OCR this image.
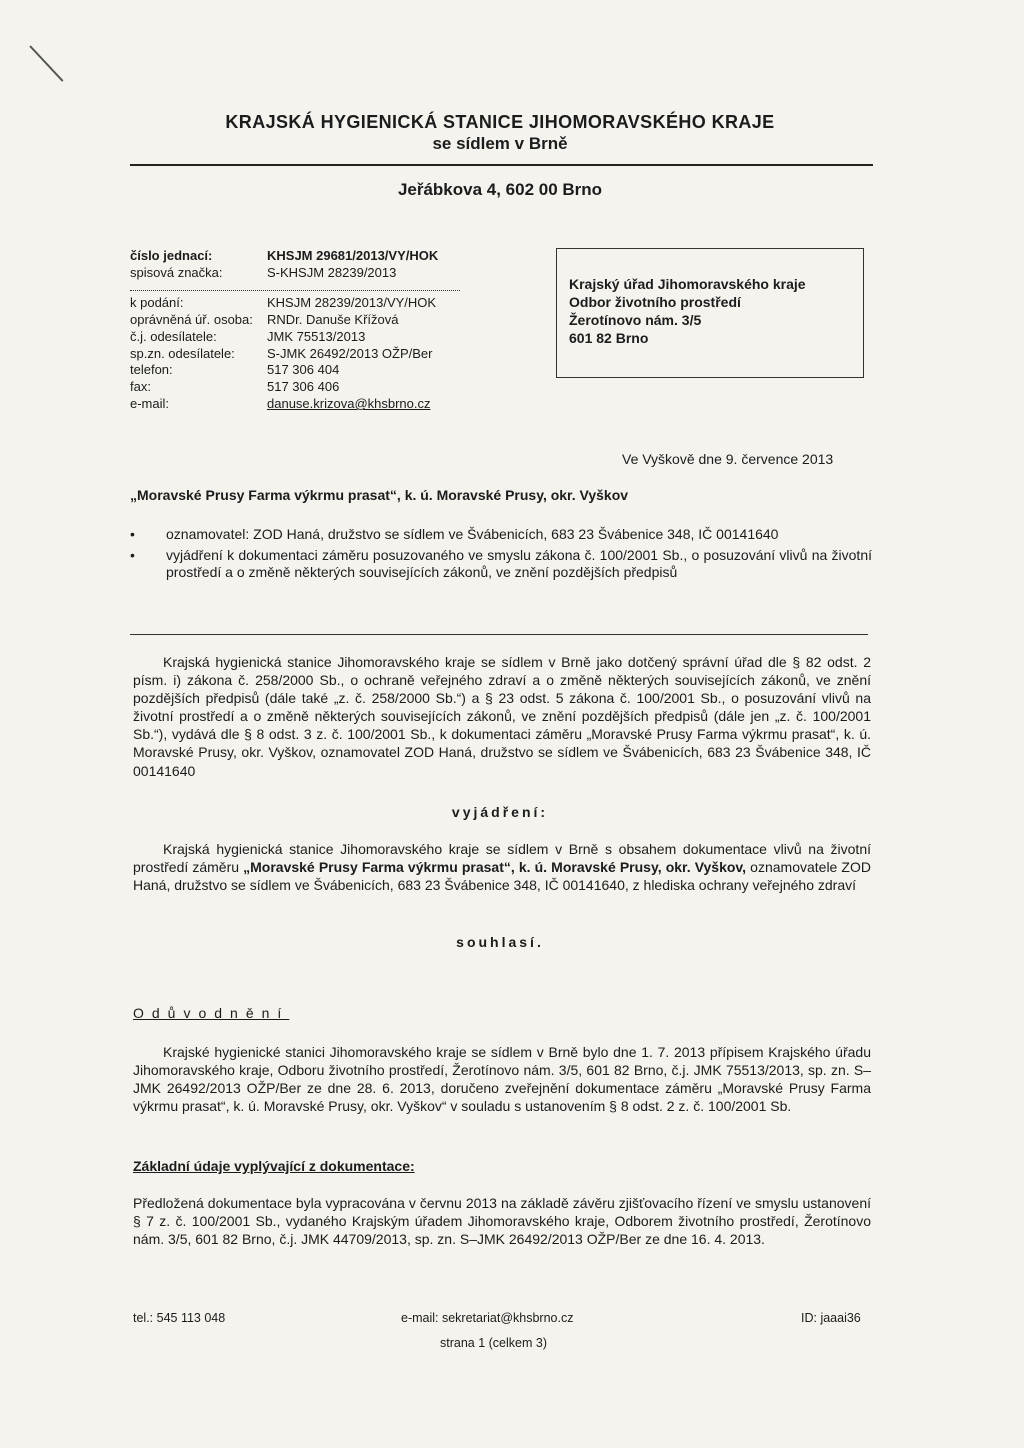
KRAJSKÁ HYGIENICKÁ STANICE JIHOMORAVSKÉHO KRAJE
se sídlem v Brně
Jeřábkova 4, 602 00 Brno
číslo jednací:	KHSJM 29681/2013/VY/HOK
spisová značka:	S-KHSJM 28239/2013
k podání:	KHSJM 28239/2013/VY/HOK
oprávněná úř. osoba:	RNDr. Danuše Křížová
č.j. odesílatele:	JMK 75513/2013
sp.zn. odesílatele:	S-JMK 26492/2013 OŽP/Ber
telefon:	517 306 404
fax:	517 306 406
e-mail:	danuse.krizova@khsbrno.cz
Krajský úřad Jihomoravského kraje
Odbor životního prostředí
Žerotínovo nám. 3/5
601 82 Brno
Ve Vyškově dne 9. července 2013
„Moravské Prusy Farma výkrmu prasat“, k. ú. Moravské Prusy, okr. Vyškov
• oznamovatel: ZOD Haná, družstvo se sídlem ve Švábenicích, 683 23 Švábenice 348, IČ 00141640
• vyjádření k dokumentaci záměru posuzovaného ve smyslu zákona č. 100/2001 Sb., o posuzování vlivů na životní prostředí a o změně některých souvisejících zákonů, ve znění pozdějších předpisů
Krajská hygienická stanice Jihomoravského kraje se sídlem v Brně jako dotčený správní úřad dle § 82 odst. 2 písm. i) zákona č. 258/2000 Sb., o ochraně veřejného zdraví a o změně některých souvisejících zákonů, ve znění pozdějších předpisů (dále také „z. č. 258/2000 Sb.“) a § 23 odst. 5 zákona č. 100/2001 Sb., o posuzování vlivů na životní prostředí a o změně některých souvisejících zákonů, ve znění pozdějších předpisů (dále jen „z. č. 100/2001 Sb.“), vydává dle § 8 odst. 3 z. č. 100/2001 Sb., k dokumentaci záměru „Moravské Prusy Farma výkrmu prasat“, k. ú. Moravské Prusy, okr. Vyškov, oznamovatel ZOD Haná, družstvo se sídlem ve Švábenicích, 683 23 Švábenice 348, IČ 00141640
vyjádření:
Krajská hygienická stanice Jihomoravského kraje se sídlem v Brně s obsahem dokumentace vlivů na životní prostředí záměru „Moravské Prusy Farma výkrmu prasat“, k. ú. Moravské Prusy, okr. Vyškov, oznamovatele ZOD Haná, družstvo se sídlem ve Švábenicích, 683 23 Švábenice 348, IČ 00141640, z hlediska ochrany veřejného zdraví
souhlasí.
Odůvodnění
Krajské hygienické stanici Jihomoravského kraje se sídlem v Brně bylo dne 1. 7. 2013 přípisem Krajského úřadu Jihomoravského kraje, Odboru životního prostředí, Žerotínovo nám. 3/5, 601 82 Brno, č.j. JMK 75513/2013, sp. zn. S–JMK 26492/2013 OŽP/Ber ze dne 28. 6. 2013, doručeno zveřejnění dokumentace záměru „Moravské Prusy Farma výkrmu prasat“, k. ú. Moravské Prusy, okr. Vyškov“ v souladu s ustanovením § 8 odst. 2 z. č. 100/2001 Sb.
Základní údaje vyplývající z dokumentace:
Předložená dokumentace byla vypracována v červnu 2013 na základě závěru zjišťovacího řízení ve smyslu ustanovení § 7 z. č. 100/2001 Sb., vydaného Krajským úřadem Jihomoravského kraje, Odborem životního prostředí, Žerotínovo nám. 3/5, 601 82 Brno, č.j. JMK 44709/2013, sp. zn. S–JMK 26492/2013 OŽP/Ber ze dne 16. 4. 2013.
tel.: 545 113 048	e-mail: sekretariat@khsbrno.cz	ID: jaaai36
strana 1 (celkem 3)
